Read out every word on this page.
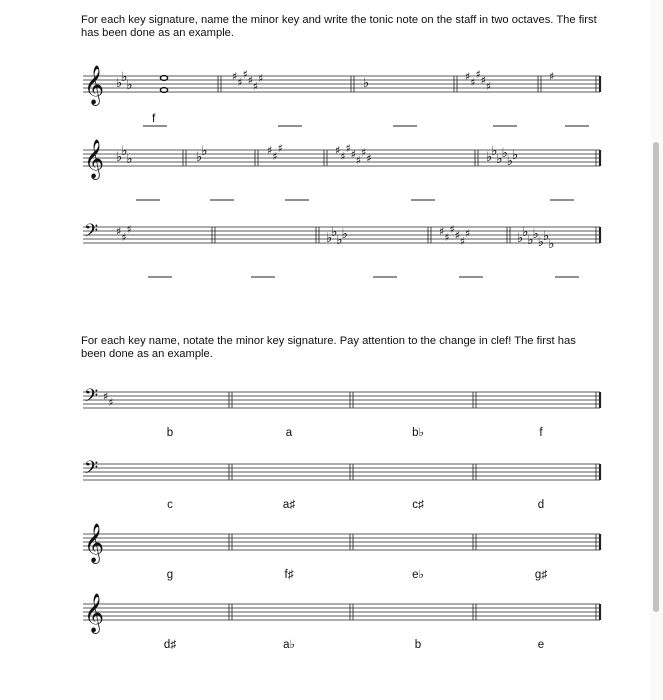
For each key signature, name the minor key and write the tonic note on the staff in two octaves. The first has been done as an example.

𝄞 ♭ ♭
♭
f
♯ ♯
♯ ♯ ♯
♯	♭	♯ ♯
♯ ♯ ♯
♯
𝄞 ♭ ♭
♭	♭ ♭	♯ ♯
♯	♯ ♯
♯ ♯ ♯
♯ ♯	♭ ♭
♭ ♭
♭ ♭
𝄢 ♯ ♯
♯
♭ ♭
♭ ♭	♯ ♯
♯ ♯ ♯
♯	♭ ♭
♭ ♭
♭ ♭
♭

For each key name, notate the minor key signature. Pay attention to the change in clef! The first has been done as an example.

𝄢 ♯ ♯
b	a	b♭	f
𝄢
c	a♯	c♯	d
𝄞
g	f♯	e♭	g♯
𝄞
d♯	a♭	b	e
